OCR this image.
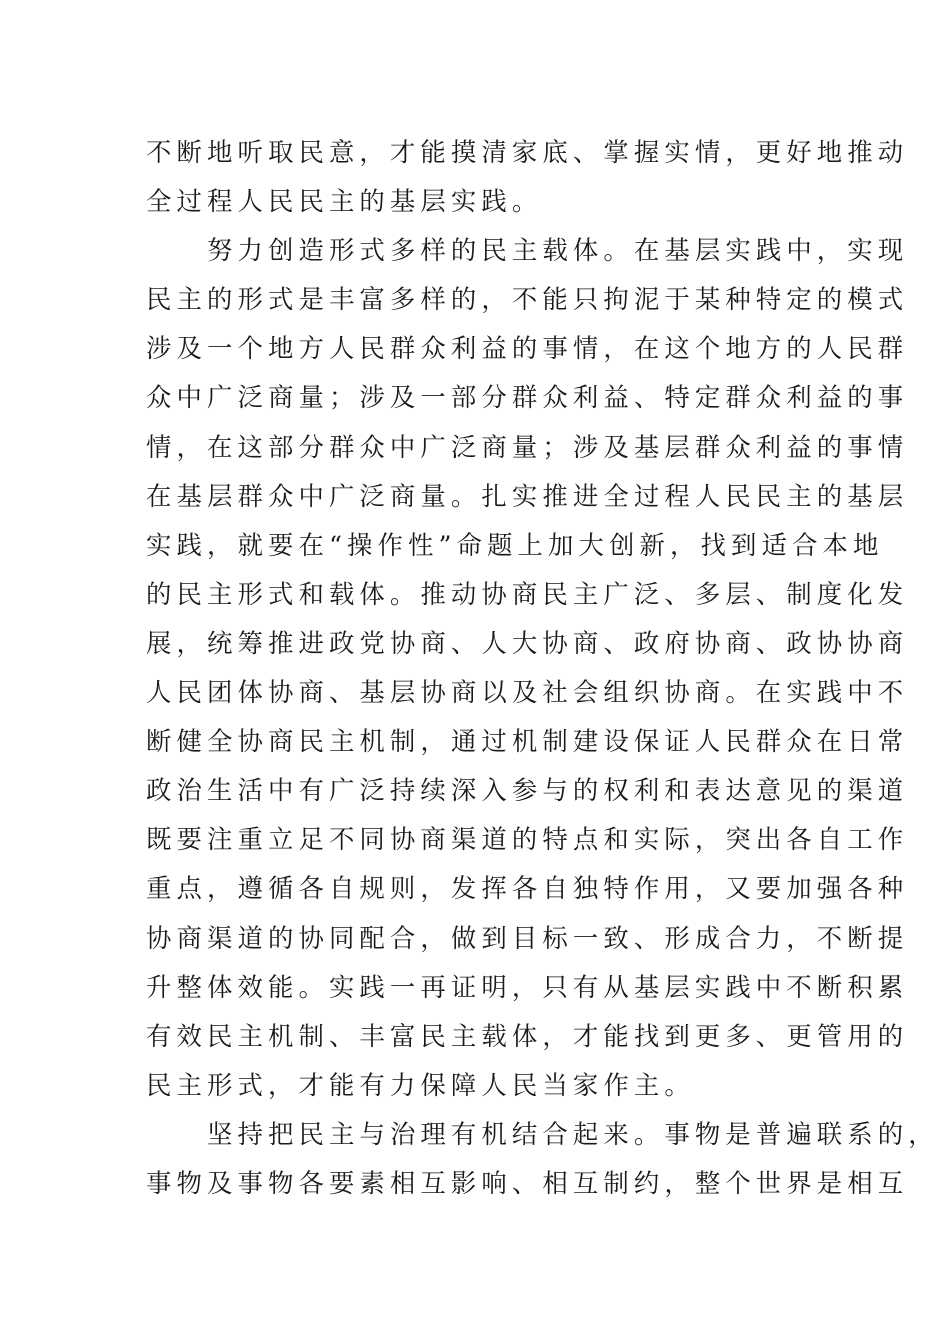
不断地听取民意，才能摸清家底、掌握实情，更好地推动
全过程人民民主的基层实践。
努力创造形式多样的民主载体。在基层实践中，实现
民主的形式是丰富多样的，不能只拘泥于某种特定的模式
涉及一个地方人民群众利益的事情，在这个地方的人民群
众中广泛商量；涉及一部分群众利益、特定群众利益的事
情，在这部分群众中广泛商量；涉及基层群众利益的事情
在基层群众中广泛商量。扎实推进全过程人民民主的基层
实践，就要在“操作性”命题上加大创新，找到适合本地
的民主形式和载体。推动协商民主广泛、多层、制度化发
展，统筹推进政党协商、人大协商、政府协商、政协协商
人民团体协商、基层协商以及社会组织协商。在实践中不
断健全协商民主机制，通过机制建设保证人民群众在日常
政治生活中有广泛持续深入参与的权利和表达意见的渠道
既要注重立足不同协商渠道的特点和实际，突出各自工作
重点，遵循各自规则，发挥各自独特作用，又要加强各种
协商渠道的协同配合，做到目标一致、形成合力，不断提
升整体效能。实践一再证明，只有从基层实践中不断积累
有效民主机制、丰富民主载体，才能找到更多、更管用的
民主形式，才能有力保障人民当家作主。
坚持把民主与治理有机结合起来。事物是普遍联系的，
事物及事物各要素相互影响、相互制约，整个世界是相互
